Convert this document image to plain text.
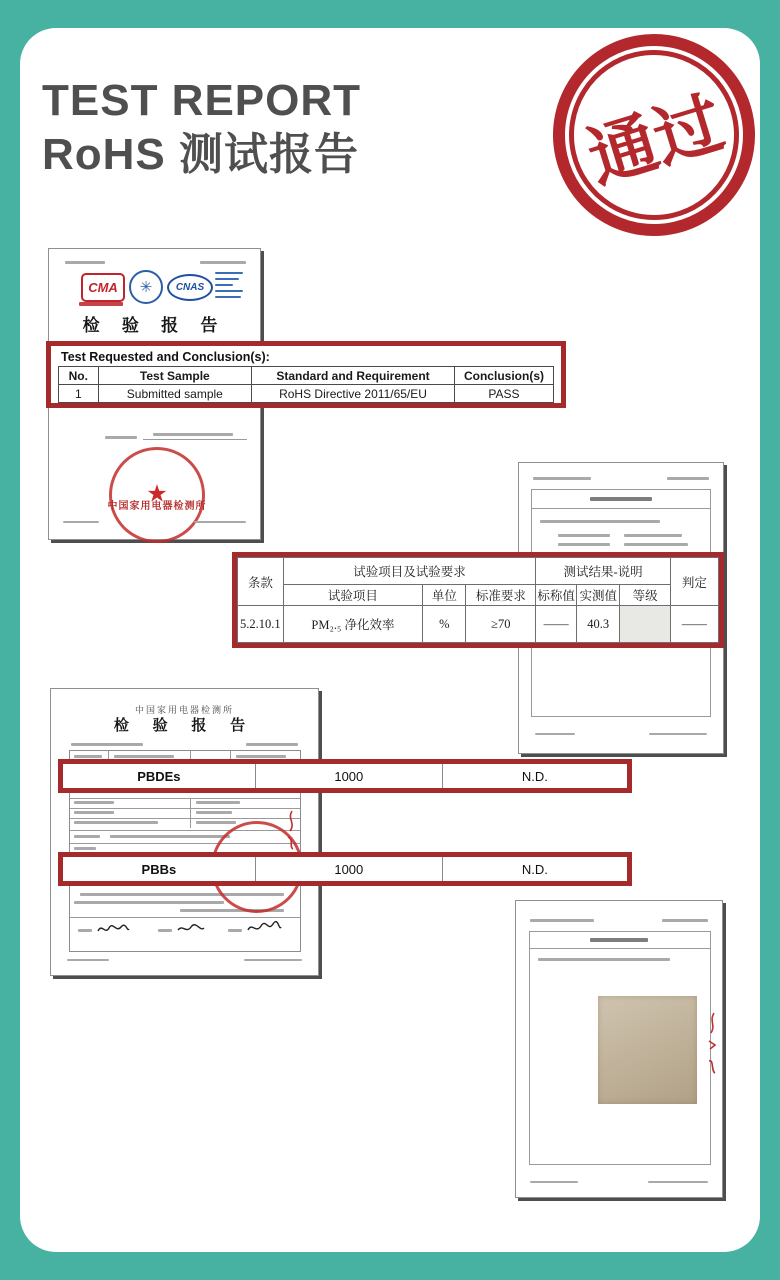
TEST REPORT
RoHS 测试报告	通过
CMA	✳	CNAS
检 验 报 告
★
中国家用电器检测所
Test Requested and Conclusion(s):
No.	Test Sample	Standard and Requirement	Conclusion(s)
1	Submitted sample	RoHS Directive 2011/65/EU	PASS
条款	试验项目及试验要求			测试结果-说明			判定
	试验项目	单位	标准要求	标称值	实测值	等级	
5.2.10.1	PM₂.₅ 净化效率	%	≥70	——	40.3		——
中国家用电器检测所
检 验 报 告
PBDEs	1000	N.D.
PBBs	1000	N.D.
